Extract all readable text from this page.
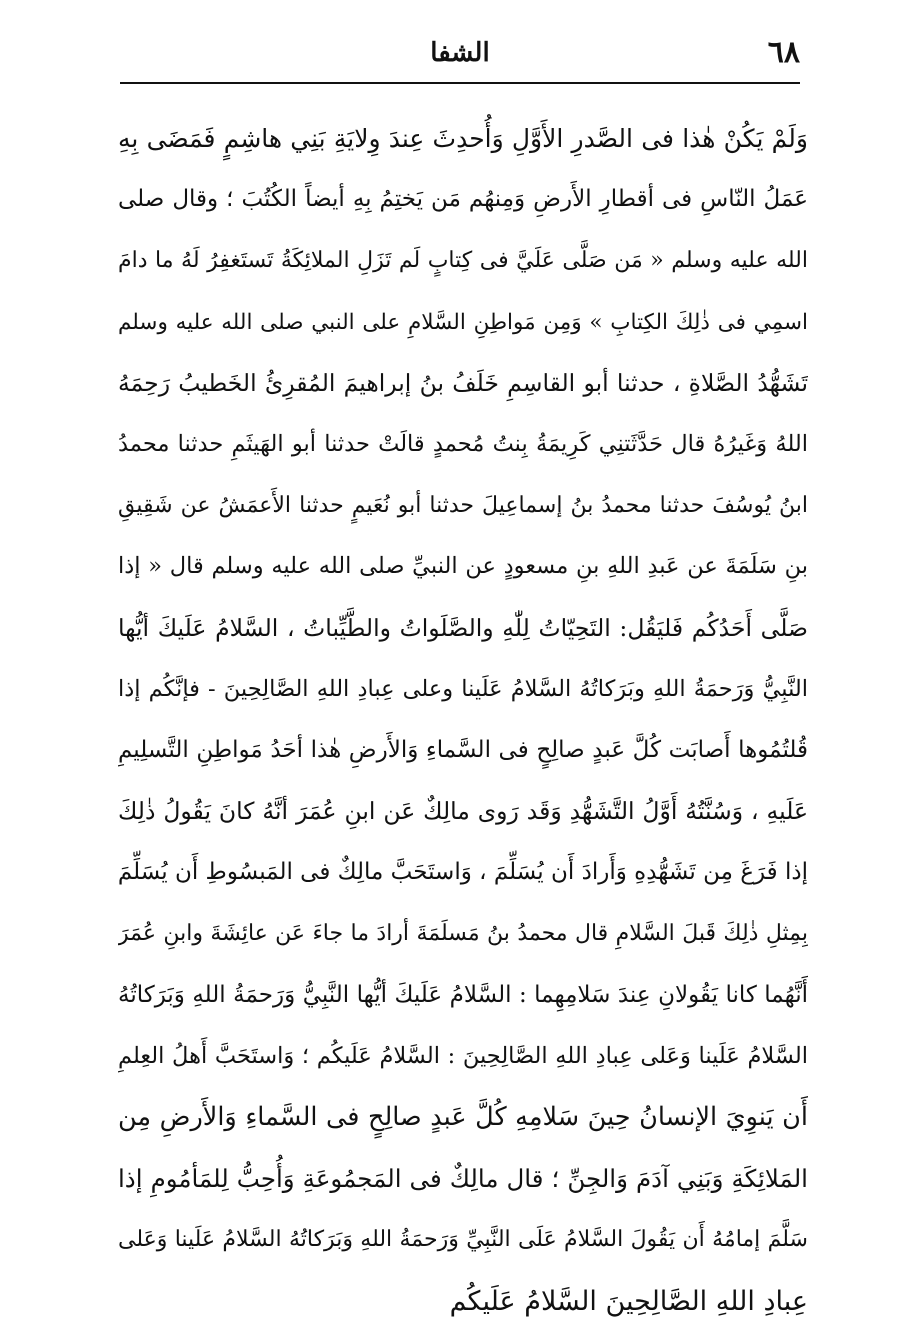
٦٨
الشفا
وَلَمْ يَكُنْ هٰذا فى الصَّدرِ الأَوَّلِ وَأُحدِثَ عِندَ وِلايَةِ بَنِي هاشِمٍ فَمَضَى بِهِ
عَمَلُ النّاسِ فى أقطارِ الأَرضِ وَمِنهُم مَن يَختِمُ بِهِ أيضاً الكُتُبَ ؛ وقال صلى
الله عليه وسلم « مَن صَلَّى عَلَيَّ فى كِتابٍ لَم تَزَلِ الملائِكَةُ تَستَغفِرُ لَهُ ما دامَ
اسمِي فى ذٰلِكَ الكِتابِ » وَمِن مَواطِنِ السَّلامِ على النبي صلى الله عليه وسلم
تَشَهُّدُ الصَّلاةِ ، حدثنا أبو القاسِمِ خَلَفُ بنُ إبراهيمَ المُقرِئُ الخَطيبُ رَحِمَهُ
اللهُ وَغَيرُهُ قال حَدَّثَتنِي كَرِيمَةُ بِنتُ مُحمدٍ قالَتْ حدثنا أبو الهَيثَمِ حدثنا محمدُ
ابنُ يُوسُفَ حدثنا محمدُ بنُ إسماعِيلَ حدثنا أبو نُعَيمٍ حدثنا الأَعمَشُ عن شَقِيقِ
بنِ سَلَمَةَ عن عَبدِ اللهِ بنِ مسعودٍ عن النبيِّ صلى الله عليه وسلم قال « إذا
صَلَّى أَحَدُكُم فَليَقُل: التَحِيّاتُ لِلّٰهِ والصَّلَواتُ والطَّيِّباتُ ، السَّلامُ عَلَيكَ أيُّها
النَّبِيُّ وَرَحمَةُ اللهِ وبَرَكاتُهُ السَّلامُ عَلَينا وعلى عِبادِ اللهِ الصَّالِحِينَ - فإنَّكُم إذا
قُلتُمُوها أَصابَت كُلَّ عَبدٍ صالِحٍ فى السَّماءِ وَالأَرضِ هٰذا أحَدُ مَواطِنِ التَّسلِيمِ
عَلَيهِ ، وَسُنَّتُهُ أَوَّلُ التَّشَهُّدِ وَقَد رَوى مالِكٌ عَن ابنِ عُمَرَ أنَّهُ كانَ يَقُولُ ذٰلِكَ
إذا فَرَغَ مِن تَشَهُّدِهِ وَأَرادَ أَن يُسَلِّمَ ، وَاستَحَبَّ مالِكٌ فى المَبسُوطِ أَن يُسَلِّمَ
بِمِثلِ ذٰلِكَ قَبلَ السَّلامِ قال محمدُ بنُ مَسلَمَةَ أرادَ ما جاءَ عَن عائِشَةَ وابنِ عُمَرَ
أَنَّهُما كانا يَقُولانِ عِندَ سَلامِهِما : السَّلامُ عَلَيكَ أيُّها النَّبِيُّ وَرَحمَةُ اللهِ وَبَرَكاتُهُ
السَّلامُ عَلَينا وَعَلى عِبادِ اللهِ الصَّالِحِينَ : السَّلامُ عَلَيكُم ؛ وَاستَحَبَّ أَهلُ العِلمِ
أَن يَنوِيَ الإنسانُ حِينَ سَلامِهِ كُلَّ عَبدٍ صالِحٍ فى السَّماءِ وَالأَرضِ مِن
المَلائِكَةِ وَبَنِي آدَمَ وَالجِنِّ ؛ قال مالِكٌ فى المَجمُوعَةِ وَأُحِبُّ لِلمَأمُومِ إذا
سَلَّمَ إمامُهُ أَن يَقُولَ السَّلامُ عَلَى النَّبِيِّ وَرَحمَةُ اللهِ وَبَرَكاتُهُ السَّلامُ عَلَينا وَعَلى
عِبادِ اللهِ الصَّالِحِينَ السَّلامُ عَلَيكُم
